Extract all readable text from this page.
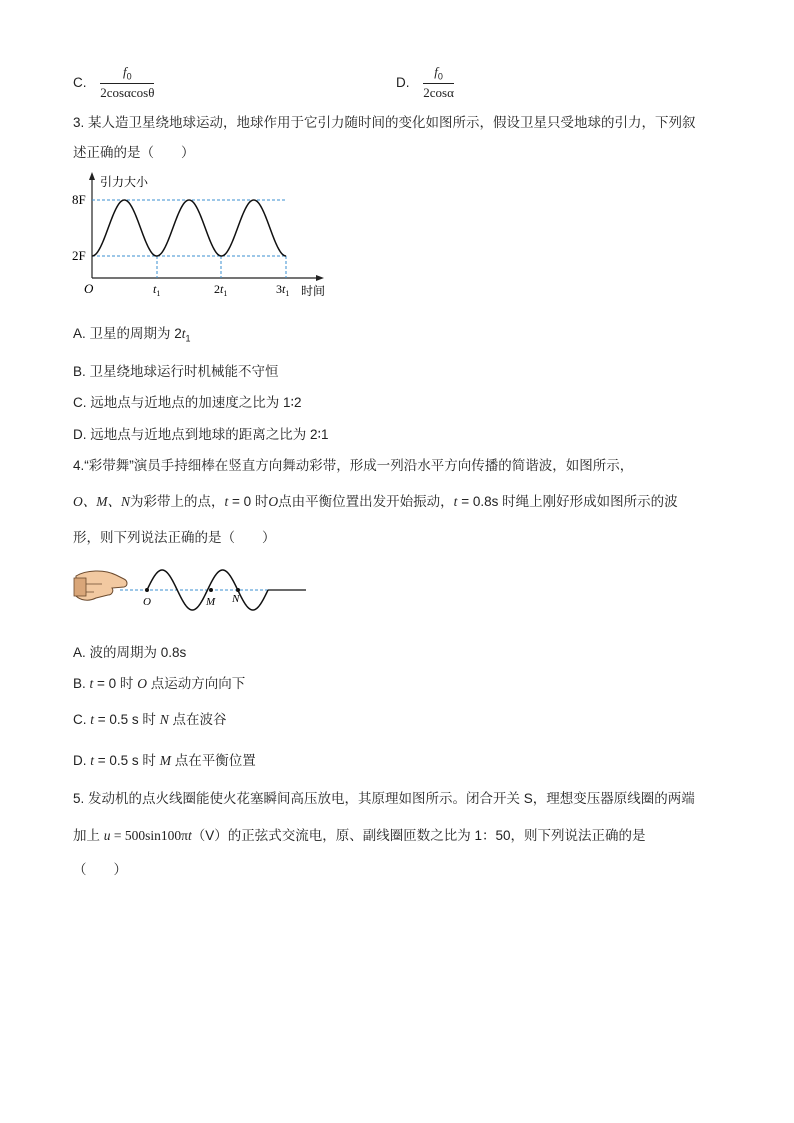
C. $\frac{f_0}{2\cos\alpha\cos\theta}$	D. $\frac{f_0}{2\cos\alpha}$
3. 某人造卫星绕地球运动，地球作用于它引力随时间的变化如图所示，假设卫星只受地球的引力，下列叙
述正确的是（　　）
引力大小
8F
2F
O	$t_1$	$2t_1$	$3t_1$ 时间
A. 卫星的周期为 $2t_1$
B. 卫星绕地球运行时机械能不守恒
C. 远地点与近地点的加速度之比为 1∶2
D. 远地点与近地点到地球的距离之比为 2∶1
4.“彩带舞”演员手持细棒在竖直方向舞动彩带，形成一列沿水平方向传播的简谐波，如图所示，
O、M、N为彩带上的点，t = 0 时O点由平衡位置出发开始振动，t = 0.8s 时绳上刚好形成如图所示的波
形，则下列说法正确的是（　　）
O	M N
A. 波的周期为 0.8s
B. t = 0 时 O 点运动方向向下
C. t = 0.5 s 时 N 点在波谷
D. t = 0.5 s 时 M 点在平衡位置
5. 发动机的点火线圈能使火花塞瞬间高压放电，其原理如图所示。闭合开关 S，理想变压器原线圈的两端
加上 u = 500sin100πt（V）的正弦式交流电，原、副线圈匝数之比为 1：50，则下列说法正确的是
（　　）
